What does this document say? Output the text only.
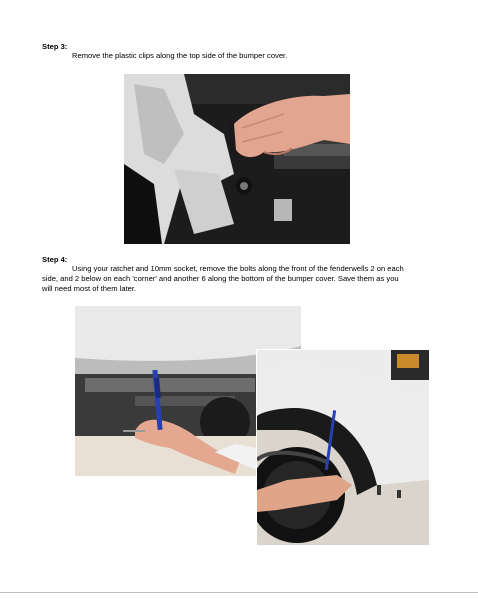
Step 3:
Remove the plastic clips along the top side of the bumper cover.
Step 4:
Using your ratchet and 10mm socket, remove the bolts along the front of the fenderwells 2 on each
side, and 2 below on each 'corner' and another 6 along the bottom of the bumper cover. Save them as you
will need most of them later.
